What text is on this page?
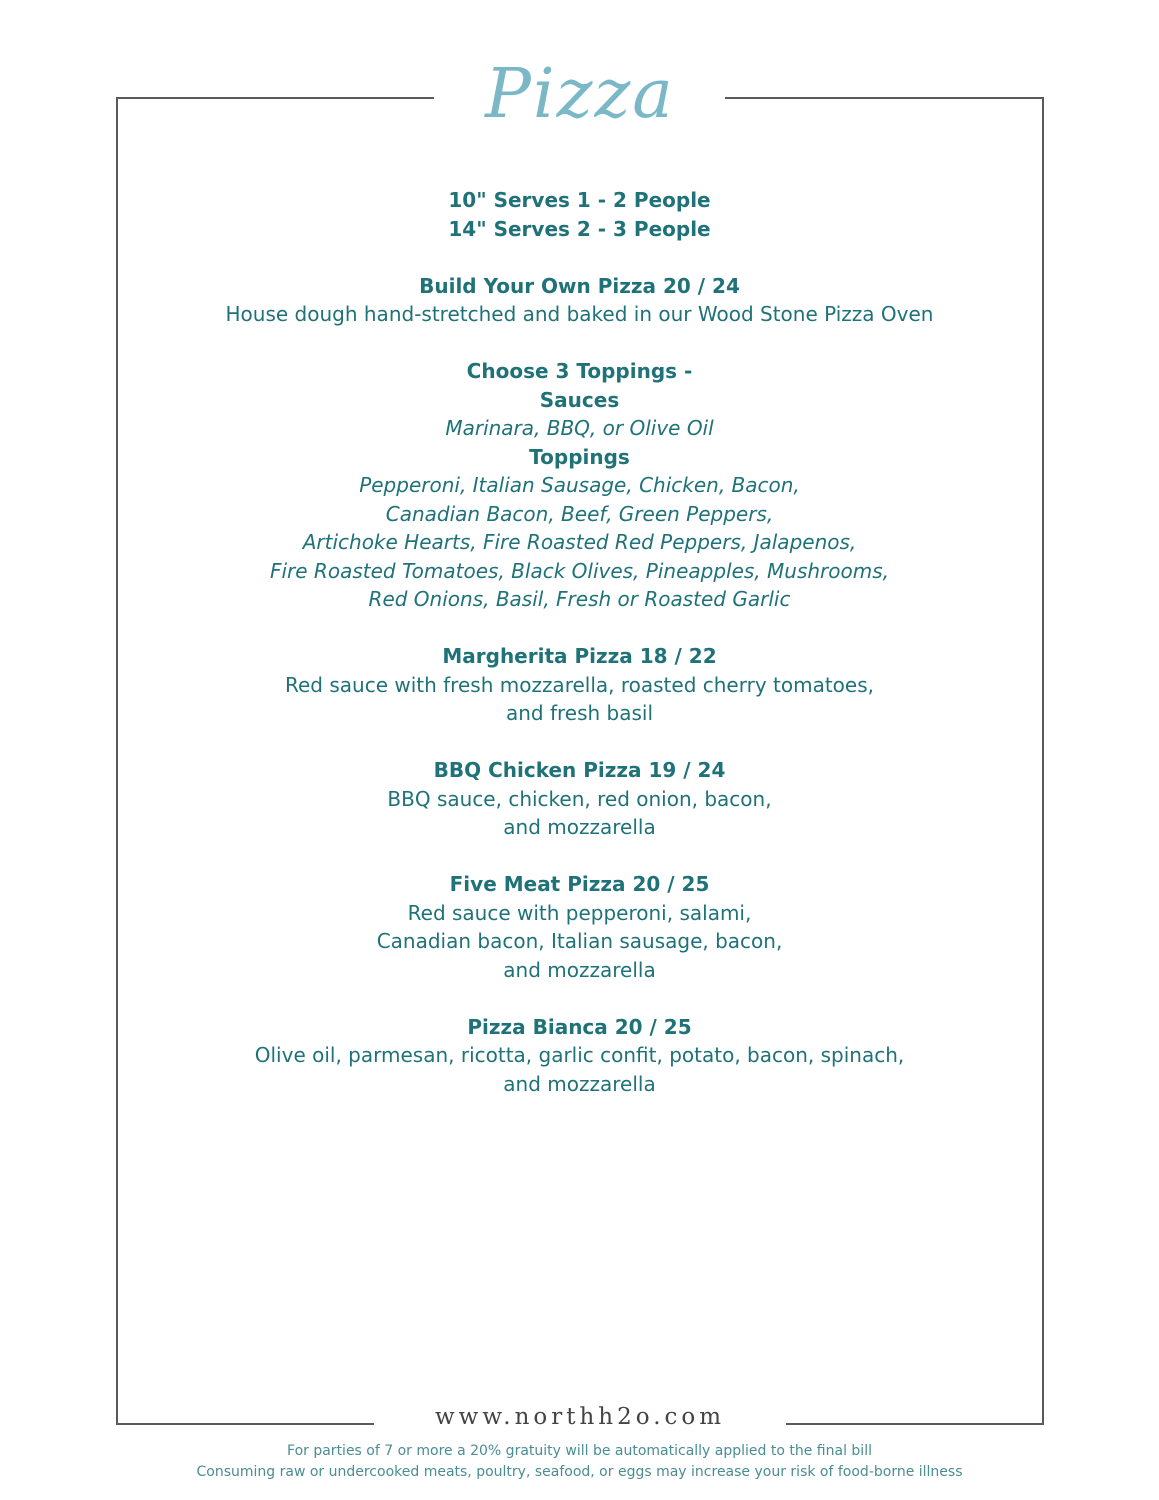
Pizza

10" Serves 1 - 2 People

14" Serves 2 - 3 People

Build Your Own Pizza 20 / 24

House dough hand-stretched and baked in our Wood Stone Pizza Oven

Choose 3 Toppings -

Sauces

Marinara, BBQ, or Olive Oil

Toppings

Pepperoni, Italian Sausage, Chicken, Bacon,

Canadian Bacon, Beef, Green Peppers,

Artichoke Hearts, Fire Roasted Red Peppers, Jalapenos,

Fire Roasted Tomatoes, Black Olives, Pineapples, Mushrooms,

Red Onions, Basil, Fresh or Roasted Garlic

Margherita Pizza 18 / 22

Red sauce with fresh mozzarella, roasted cherry tomatoes,

and fresh basil

BBQ Chicken Pizza 19 / 24

BBQ sauce, chicken, red onion, bacon,

and mozzarella

Five Meat Pizza 20 / 25

Red sauce with pepperoni, salami,

Canadian bacon, Italian sausage, bacon,

and mozzarella

Pizza Bianca 20 / 25

Olive oil, parmesan, ricotta, garlic confit, potato, bacon, spinach,

and mozzarella

www.northh2o.com

For parties of 7 or more a 20% gratuity will be automatically applied to the final bill

Consuming raw or undercooked meats, poultry, seafood, or eggs may increase your risk of food-borne illness
